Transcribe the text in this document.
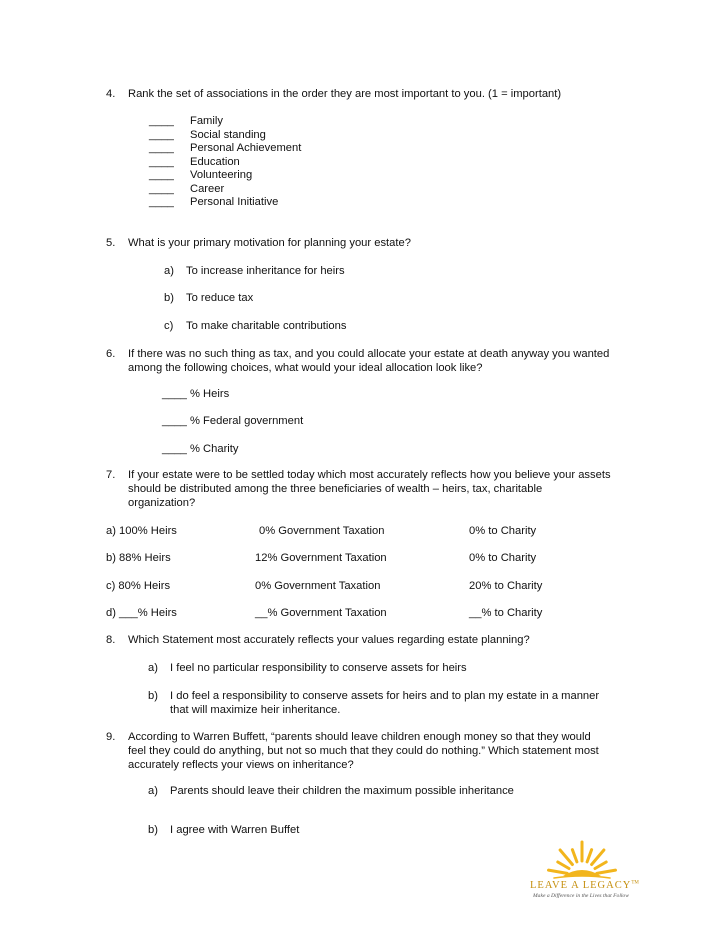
4. Rank the set of associations in the order they are most important to you. (1 = important)
____ Family
____ Social standing
____ Personal Achievement
____ Education
____ Volunteering
____ Career
____ Personal Initiative
5. What is your primary motivation for planning your estate?
a) To increase inheritance for heirs
b) To reduce tax
c) To make charitable contributions
6. If there was no such thing as tax, and you could allocate your estate at death anyway you wanted
among the following choices, what would your ideal allocation look like?
____ % Heirs
____ % Federal government
____ % Charity
7. If your estate were to be settled today which most accurately reflects how you believe your assets
should be distributed among the three beneficiaries of wealth – heirs, tax, charitable
organization?
a) 100% Heirs	0% Government Taxation	0% to Charity
b) 88% Heirs	12% Government Taxation	0% to Charity
c) 80% Heirs	0% Government Taxation	20% to Charity
d) ___% Heirs	__% Government Taxation	__% to Charity
8. Which Statement most accurately reflects your values regarding estate planning?
a) I feel no particular responsibility to conserve assets for heirs
b) I do feel a responsibility to conserve assets for heirs and to plan my estate in a manner
that will maximize heir inheritance.
9. According to Warren Buffett, “parents should leave children enough money so that they would
feel they could do anything, but not so much that they could do nothing.” Which statement most
accurately reflects your views on inheritance?
a) Parents should leave their children the maximum possible inheritance
b) I agree with Warren Buffet
LEAVE A LEGACY™
Make a Difference in the Lives that Follow
